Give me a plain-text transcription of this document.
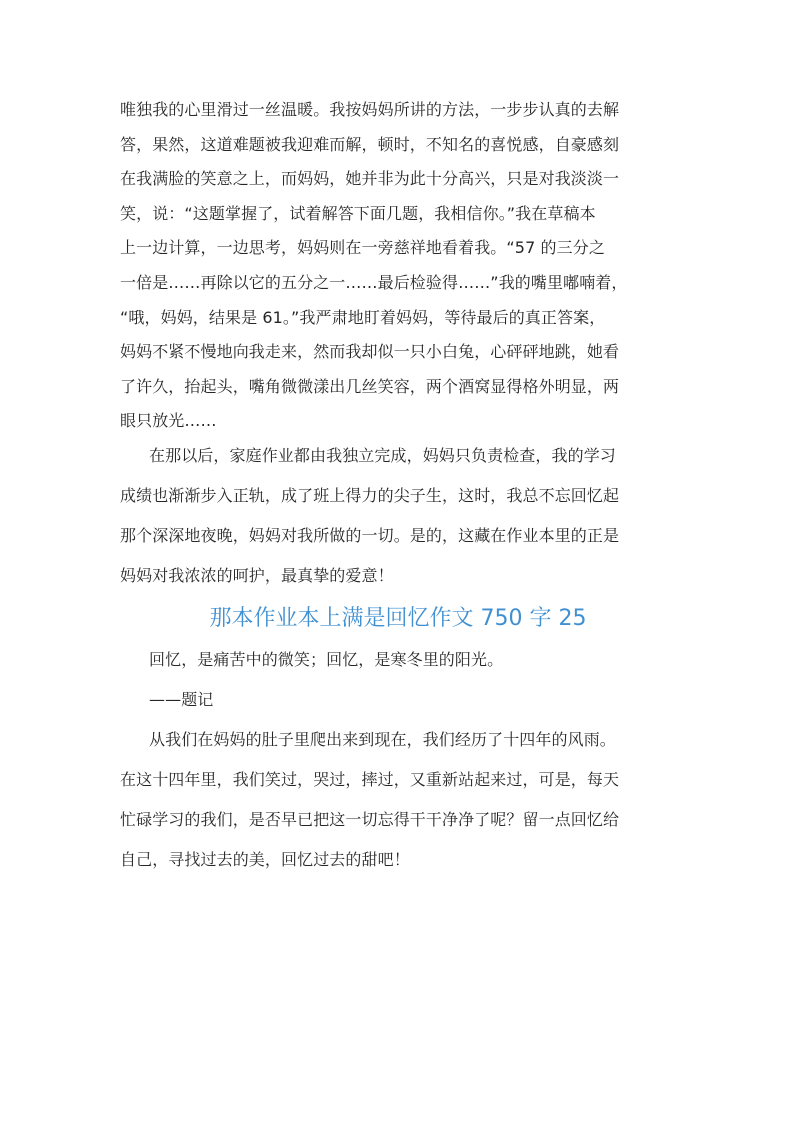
唯独我的心里滑过一丝温暖。我按妈妈所讲的方法，一步步认真的去解

答，果然，这道难题被我迎难而解，顿时，不知名的喜悦感，自豪感刻

在我满脸的笑意之上，而妈妈，她并非为此十分高兴，只是对我淡淡一

笑，说：“这题掌握了，试着解答下面几题，我相信你。”我在草稿本

上一边计算，一边思考，妈妈则在一旁慈祥地看着我。“57 的三分之

一倍是……再除以它的五分之一……最后检验得……”我的嘴里嘟喃着，

“哦，妈妈，结果是 61。”我严肃地盯着妈妈，等待最后的真正答案，

妈妈不紧不慢地向我走来，然而我却似一只小白兔，心砰砰地跳，她看

了许久，抬起头，嘴角微微漾出几丝笑容，两个酒窝显得格外明显，两

眼只放光……

在那以后，家庭作业都由我独立完成，妈妈只负责检查，我的学习

成绩也渐渐步入正轨，成了班上得力的尖子生，这时，我总不忘回忆起

那个深深地夜晚，妈妈对我所做的一切。是的，这藏在作业本里的正是

妈妈对我浓浓的呵护，最真挚的爱意！

那本作业本上满是回忆作文 750 字 25

回忆，是痛苦中的微笑；回忆，是寒冬里的阳光。

——题记

从我们在妈妈的肚子里爬出来到现在，我们经历了十四年的风雨。

在这十四年里，我们笑过，哭过，摔过，又重新站起来过，可是，每天

忙碌学习的我们，是否早已把这一切忘得干干净净了呢？留一点回忆给

自己，寻找过去的美，回忆过去的甜吧！
